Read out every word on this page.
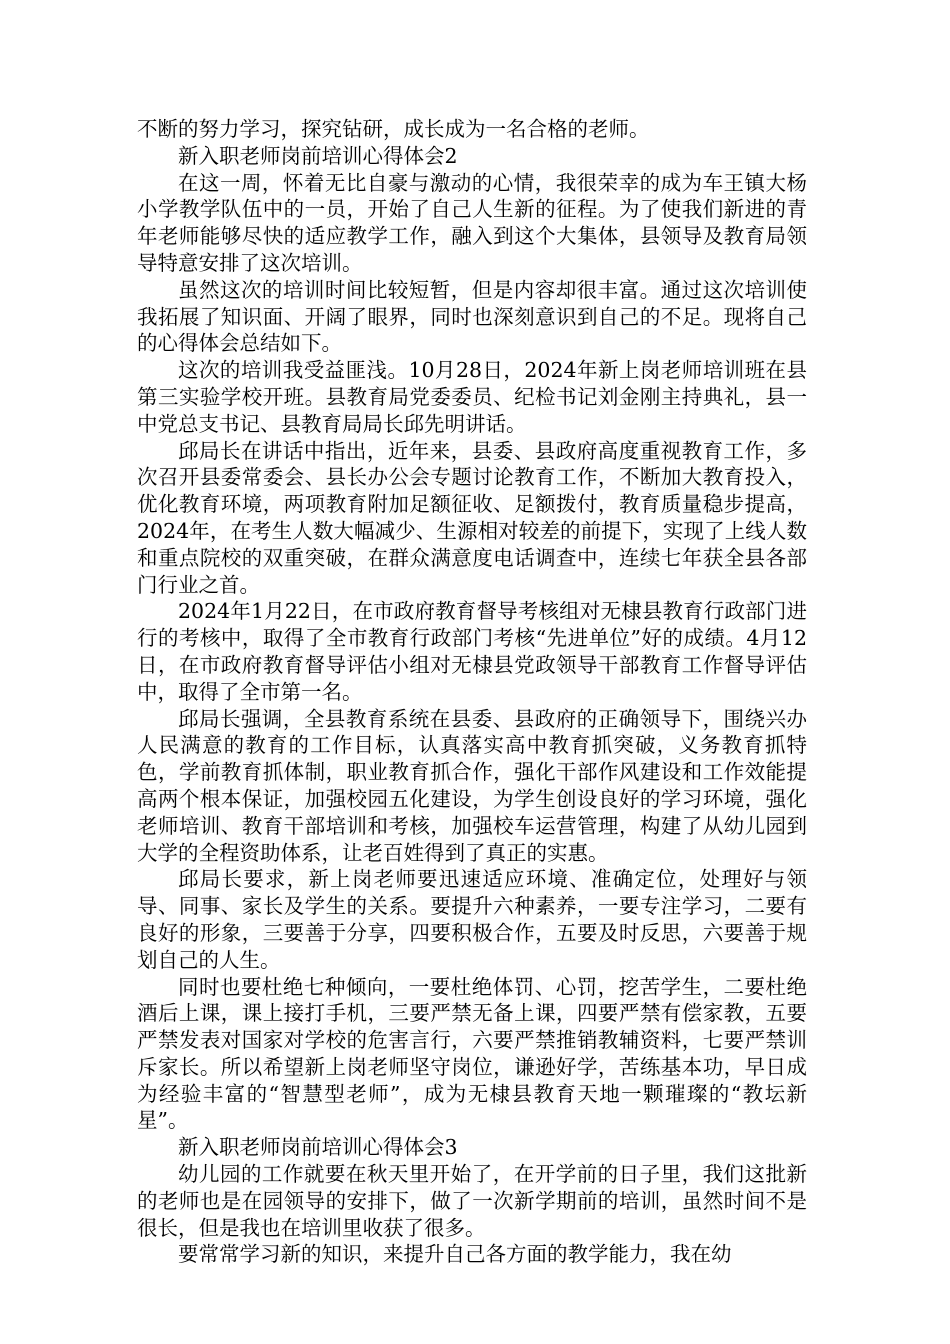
不断的努力学习，探究钻研，成长成为一名合格的老师。

新入职老师岗前培训心得体会2

在这一周，怀着无比自豪与激动的心情，我很荣幸的成为车王镇大杨小学教学队伍中的一员，开始了自己人生新的征程。为了使我们新进的青年老师能够尽快的适应教学工作，融入到这个大集体，县领导及教育局领导特意安排了这次培训。

虽然这次的培训时间比较短暂，但是内容却很丰富。通过这次培训使我拓展了知识面、开阔了眼界，同时也深刻意识到自己的不足。现将自己的心得体会总结如下。

这次的培训我受益匪浅。10月28日，2024年新上岗老师培训班在县第三实验学校开班。县教育局党委委员、纪检书记刘金刚主持典礼，县一中党总支书记、县教育局局长邱先明讲话。

邱局长在讲话中指出，近年来，县委、县政府高度重视教育工作，多次召开县委常委会、县长办公会专题讨论教育工作，不断加大教育投入，优化教育环境，两项教育附加足额征收、足额拨付，教育质量稳步提高，2024年，在考生人数大幅减少、生源相对较差的前提下，实现了上线人数和重点院校的双重突破，在群众满意度电话调查中，连续七年获全县各部门行业之首。

2024年1月22日，在市政府教育督导考核组对无棣县教育行政部门进行的考核中，取得了全市教育行政部门考核“先进单位”好的成绩。4月12日，在市政府教育督导评估小组对无棣县党政领导干部教育工作督导评估中，取得了全市第一名。

邱局长强调，全县教育系统在县委、县政府的正确领导下，围绕兴办人民满意的教育的工作目标，认真落实高中教育抓突破，义务教育抓特色，学前教育抓体制，职业教育抓合作，强化干部作风建设和工作效能提高两个根本保证，加强校园五化建设，为学生创设良好的学习环境，强化老师培训、教育干部培训和考核，加强校车运营管理，构建了从幼儿园到大学的全程资助体系，让老百姓得到了真正的实惠。

邱局长要求，新上岗老师要迅速适应环境、准确定位，处理好与领导、同事、家长及学生的关系。要提升六种素养，一要专注学习，二要有良好的形象，三要善于分享，四要积极合作，五要及时反思，六要善于规划自己的人生。

同时也要杜绝七种倾向，一要杜绝体罚、心罚，挖苦学生，二要杜绝酒后上课，课上接打手机，三要严禁无备上课，四要严禁有偿家教，五要严禁发表对国家对学校的危害言行，六要严禁推销教辅资料，七要严禁训斥家长。所以希望新上岗老师坚守岗位，谦逊好学，苦练基本功，早日成为经验丰富的“智慧型老师”，成为无棣县教育天地一颗璀璨的“教坛新星”。

新入职老师岗前培训心得体会3

幼儿园的工作就要在秋天里开始了，在开学前的日子里，我们这批新的老师也是在园领导的安排下，做了一次新学期前的培训，虽然时间不是很长，但是我也在培训里收获了很多。

要常常学习新的知识，来提升自己各方面的教学能力，我在幼
